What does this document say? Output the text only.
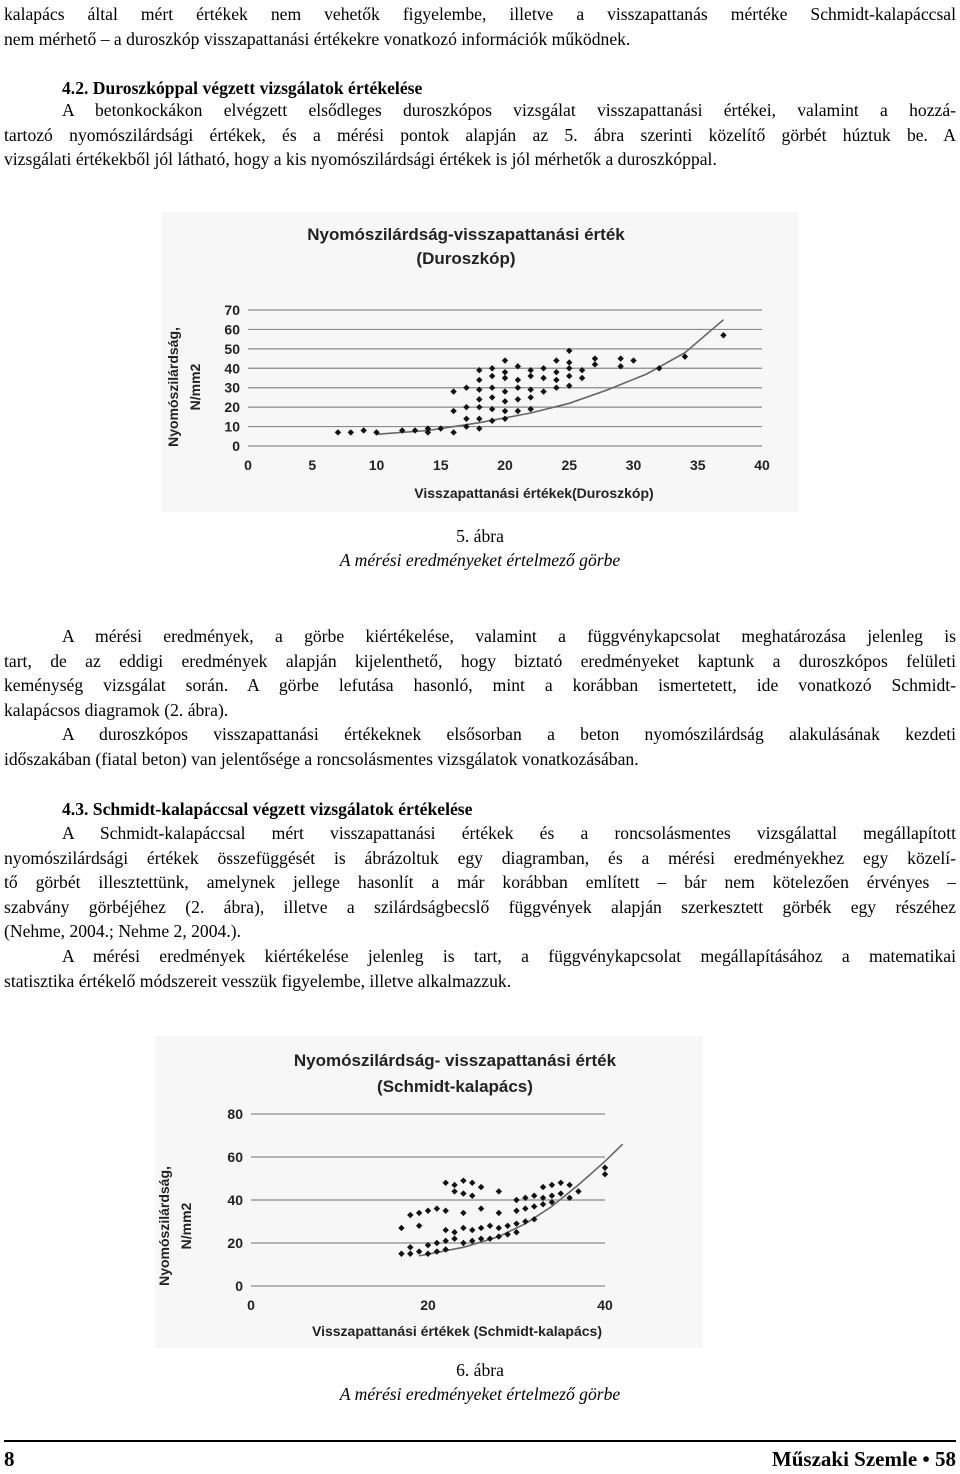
kalapács által mért értékek nem vehetők figyelembe, illetve a visszapattanás mértéke Schmidt-kalapáccsal
nem mérhető – a duroszkóp visszapattanási értékekre vonatkozó információk működnek.
4.2. Duroszkóppal végzett vizsgálatok értékelése
A betonkockákon elvégzett elsődleges duroszkópos vizsgálat visszapattanási értékei, valamint a hozzá-
tartozó nyomószilárdsági értékek, és a mérési pontok alapján az 5. ábra szerinti közelítő görbét húztuk be. A
vizsgálati értékekből jól látható, hogy a kis nyomószilárdsági értékek is jól mérhetők a duroszkóppal.
Nyomószilárdság-visszapattanási érték
(Duroszkóp)
0
10
20
30
40
50
60
70
0	5	10	15	20	25	30	35	40
Nyomószilárdság, N/mm2
Visszapattanási értékek(Duroszkóp)
5. ábra
A mérési eredményeket értelmező görbe
A mérési eredmények, a görbe kiértékelése, valamint a függvénykapcsolat meghatározása jelenleg is
tart, de az eddigi eredmények alapján kijelenthető, hogy biztató eredményeket kaptunk a duroszkópos felületi
keménység vizsgálat során. A görbe lefutása hasonló, mint a korábban ismertetett, ide vonatkozó Schmidt-
kalapácsos diagramok (2. ábra).
A duroszkópos visszapattanási értékeknek elsősorban a beton nyomószilárdság alakulásának kezdeti
időszakában (fiatal beton) van jelentősége a roncsolásmentes vizsgálatok vonatkozásában.
4.3. Schmidt-kalapáccsal végzett vizsgálatok értékelése
A Schmidt-kalapáccsal mért visszapattanási értékek és a roncsolásmentes vizsgálattal megállapított
nyomószilárdsági értékek összefüggését is ábrázoltuk egy diagramban, és a mérési eredményekhez egy közelí-
tő görbét illesztettünk, amelynek jellege hasonlít a már korábban említett – bár nem kötelezően érvényes –
szabvány görbéjéhez (2. ábra), illetve a szilárdságbecslő függvények alapján szerkesztett görbék egy részéhez
(Nehme, 2004.; Nehme 2, 2004.).
A mérési eredmények kiértékelése jelenleg is tart, a függvénykapcsolat megállapításához a matematikai
statisztika értékelő módszereit vesszük figyelembe, illetve alkalmazzuk.
Nyomószilárdság- visszapattanási érték
(Schmidt-kalapács)
0
20
40
60
80
0	20	40
Nyomószilárdság, N/mm2
Visszapattanási értékek (Schmidt-kalapács)
6. ábra
A mérési eredményeket értelmező görbe
8	Műszaki Szemle • 58
